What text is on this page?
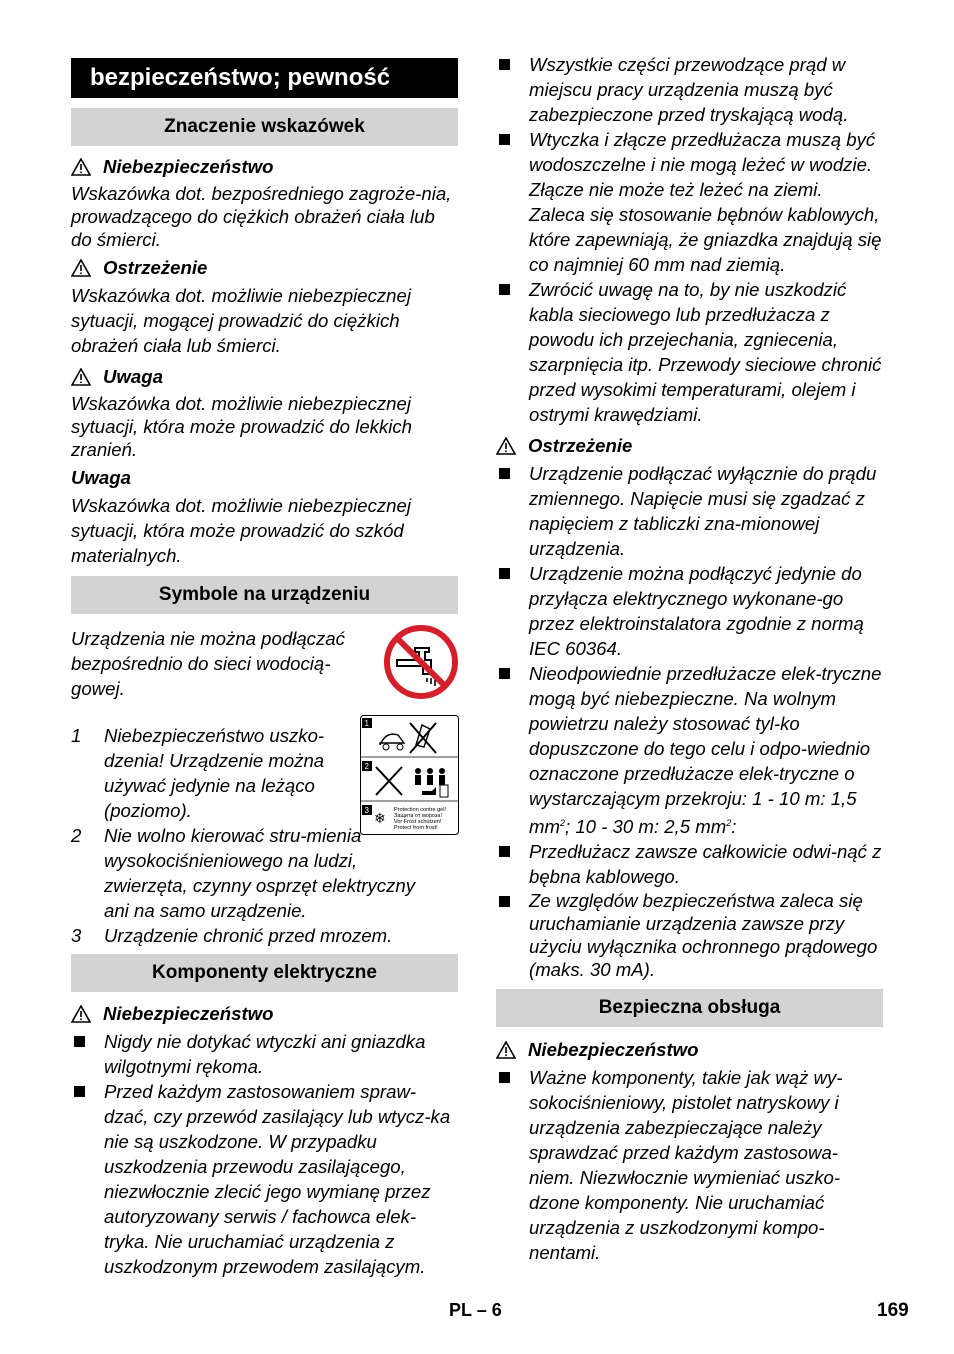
bezpieczeństwo; pewność
Znaczenie wskazówek
Niebezpieczeństwo
Wskazówka dot. bezpośredniego zagroże-nia, prowadzącego do ciężkich obrażeń ciała lub do śmierci.
Ostrzeżenie
Wskazówka dot. możliwie niebezpiecznej sytuacji, mogącej prowadzić do ciężkich obrażeń ciała lub śmierci.
Uwaga
Wskazówka dot. możliwie niebezpiecznej sytuacji, która może prowadzić do lekkich zranień.
Uwaga
Wskazówka dot. możliwie niebezpiecznej sytuacji, która może prowadzić do szkód materialnych.
Symbole na urządzeniu
Urządzenia nie można podłączać bezpośrednio do sieci wodocią-gowej.
1
2
3	Protection contre gel!
Защита от мороза!
Vor Frost schützen!
Protect from frost!
❄
1 Niebezpieczeństwo uszko-dzenia! Urządzenie można używać jedynie na leżąco (poziomo).
2 Nie wolno kierować stru-mienia wysokociśnieniowego na ludzi, zwierzęta, czynny osprzęt elektryczny ani na samo urządzenie.
3 Urządzenie chronić przed mrozem.
Komponenty elektryczne
Niebezpieczeństwo
Nigdy nie dotykać wtyczki ani gniazdka wilgotnymi rękoma.
Przed każdym zastosowaniem spraw-dzać, czy przewód zasilający lub wtycz-ka nie są uszkodzone. W przypadku uszkodzenia przewodu zasilającego, niezwłocznie zlecić jego wymianę przez autoryzowany serwis / fachowca elek-tryka. Nie uruchamiać urządzenia z uszkodzonym przewodem zasilającym.
Wszystkie części przewodzące prąd w miejscu pracy urządzenia muszą być zabezpieczone przed tryskającą wodą.
Wtyczka i złącze przedłużacza muszą być wodoszczelne i nie mogą leżeć w wodzie. Złącze nie może też leżeć na ziemi. Zaleca się stosowanie bębnów kablowych, które zapewniają, że gniazdka znajdują się co najmniej 60 mm nad ziemią.
Zwrócić uwagę na to, by nie uszkodzić kabla sieciowego lub przedłużacza z powodu ich przejechania, zgniecenia, szarpnięcia itp. Przewody sieciowe chronić przed wysokimi temperaturami, olejem i ostrymi krawędziami.
Ostrzeżenie
Urządzenie podłączać wyłącznie do prądu zmiennego. Napięcie musi się zgadzać z napięciem z tabliczki zna-mionowej urządzenia.
Urządzenie można podłączyć jedynie do przyłącza elektrycznego wykonane-go przez elektroinstalatora zgodnie z normą IEC 60364.
Nieodpowiednie przedłużacze elek-tryczne mogą być niebezpieczne. Na wolnym powietrzu należy stosować tyl-ko dopuszczone do tego celu i odpo-wiednio oznaczone przedłużacze elek-tryczne o wystarczającym przekroju: 1 - 10 m: 1,5 $mm^2$; 10 - 30 m: 2,5 $mm^2$:
Przedłużacz zawsze całkowicie odwi-nąć z bębna kablowego.
Ze względów bezpieczeństwa zaleca się uruchamianie urządzenia zawsze przy użyciu wyłącznika ochronnego prądowego (maks. 30 mA).
Bezpieczna obsługa
Niebezpieczeństwo
Ważne komponenty, takie jak wąż wy-sokociśnieniowy, pistolet natryskowy i urządzenia zabezpieczające należy sprawdzać przed każdym zastosowa-niem. Niezwłocznie wymieniać uszko-dzone komponenty. Nie uruchamiać urządzenia z uszkodzonymi kompo-nentami.
PL – 6	169
